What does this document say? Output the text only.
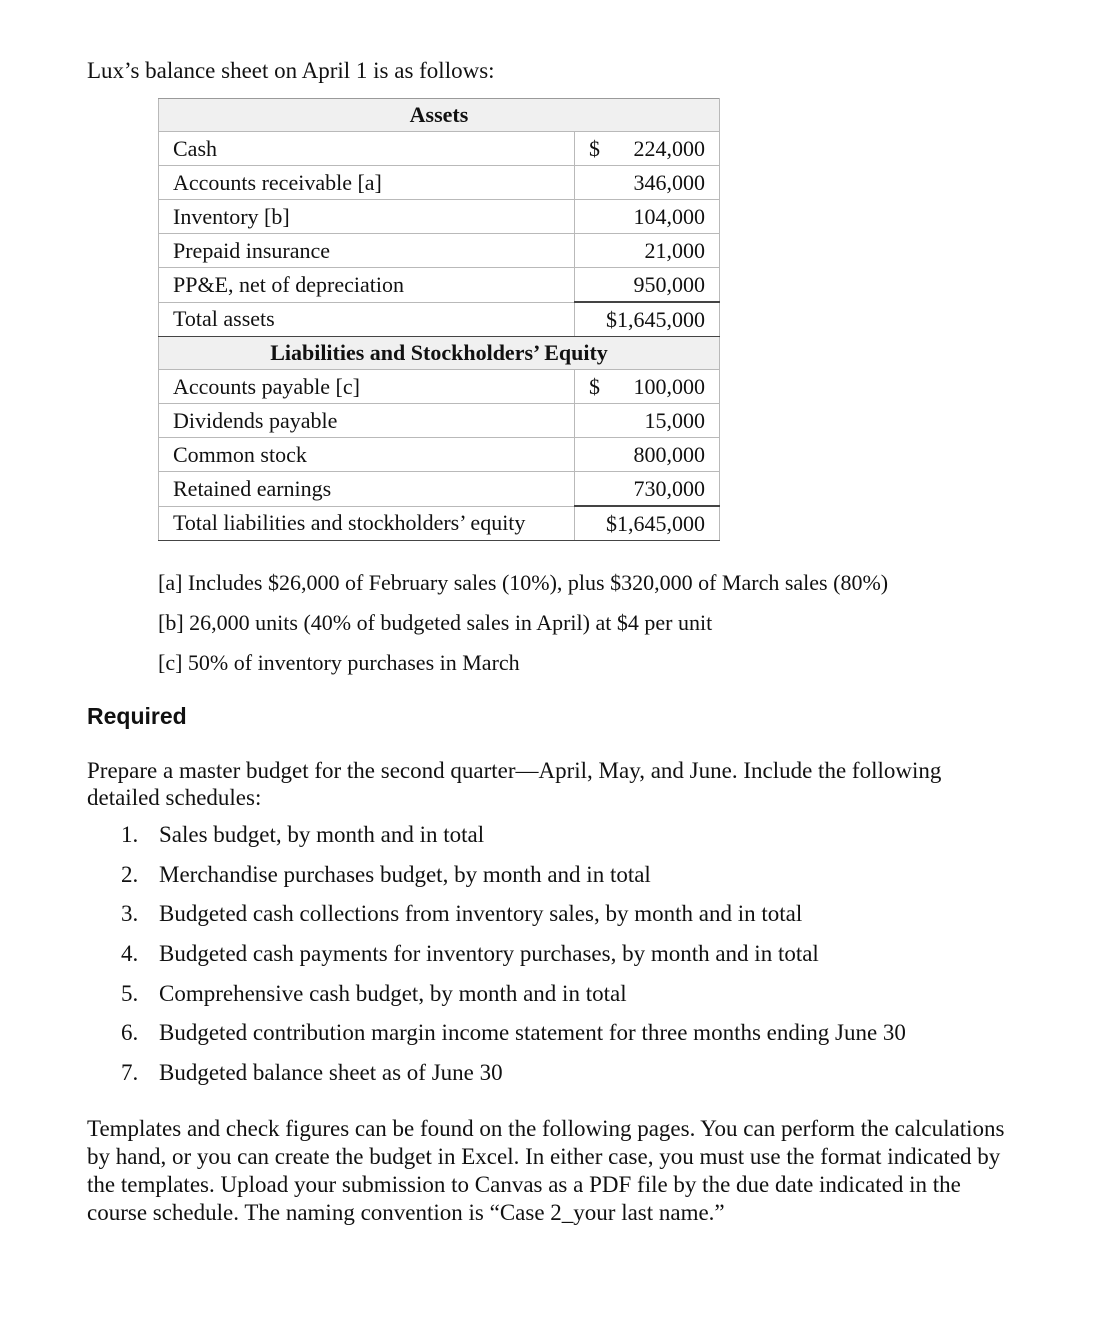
Lux’s balance sheet on April 1 is as follows:
Assets	
Cash	$ 224,000
Accounts receivable [a]	346,000
Inventory [b]	104,000
Prepaid insurance	21,000
PP&E, net of depreciation	950,000
Total assets	$1,645,000
Liabilities and Stockholders’ Equity	
Accounts payable [c]	$ 100,000
Dividends payable	15,000
Common stock	800,000
Retained earnings	730,000
Total liabilities and stockholders’ equity	$1,645,000
[a] Includes $26,000 of February sales (10%), plus $320,000 of March sales (80%)
[b] 26,000 units (40% of budgeted sales in April) at $4 per unit
[c] 50% of inventory purchases in March
Required
Prepare a master budget for the second quarter—April, May, and June. Include the following detailed schedules:
1. Sales budget, by month and in total
2. Merchandise purchases budget, by month and in total
3. Budgeted cash collections from inventory sales, by month and in total
4. Budgeted cash payments for inventory purchases, by month and in total
5. Comprehensive cash budget, by month and in total
6. Budgeted contribution margin income statement for three months ending June 30
7. Budgeted balance sheet as of June 30
Templates and check figures can be found on the following pages. You can perform the calculations by hand, or you can create the budget in Excel. In either case, you must use the format indicated by the templates. Upload your submission to Canvas as a PDF file by the due date indicated in the course schedule. The naming convention is “Case 2_your last name.”
